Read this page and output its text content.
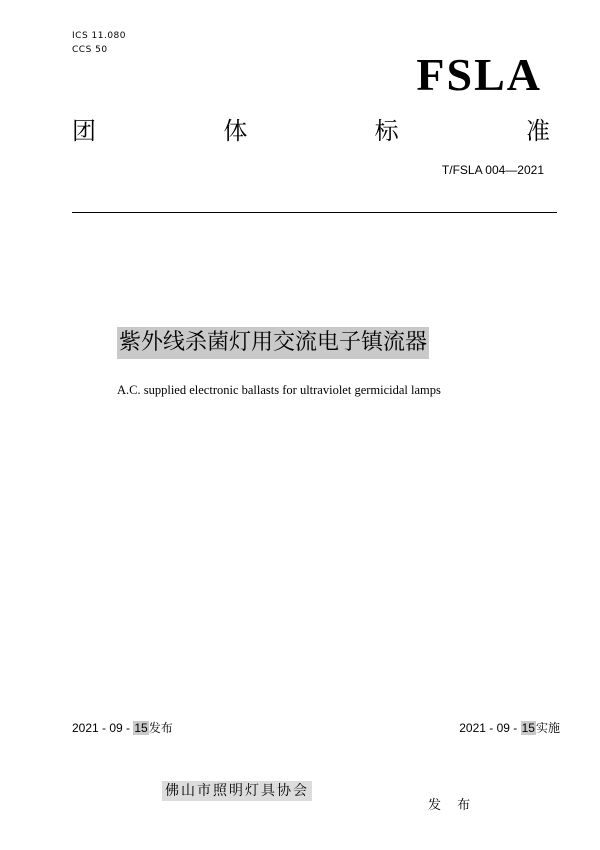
ICS 11.080
CCS 50	FSLA
团	体	标	准
T/FSLA 004—2021
紫外线杀菌灯用交流电子镇流器
A.C. supplied electronic ballasts for ultraviolet germicidal lamps
2021 - 09 - 15发布	2021 - 09 - 15实施
佛山市照明灯具协会
发 布
